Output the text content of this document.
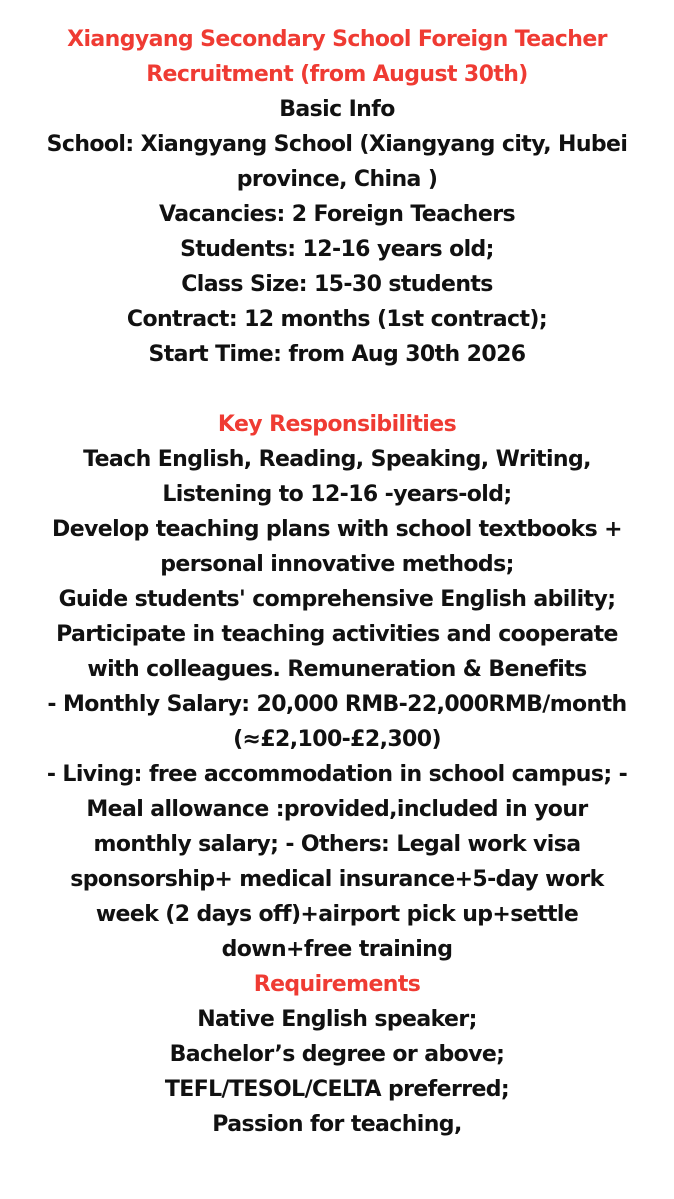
Xiangyang Secondary School Foreign Teacher
Recruitment (from August 30th)
Basic Info
School: Xiangyang School (Xiangyang city, Hubei
province, China )
Vacancies: 2 Foreign Teachers
Students: 12-16 years old;
Class Size: 15-30 students
Contract: 12 months (1st contract);
Start Time: from Aug 30th 2026
Key Responsibilities
Teach English, Reading, Speaking, Writing,
Listening to 12-16 -years-old;
Develop teaching plans with school textbooks +
personal innovative methods;
Guide students' comprehensive English ability;
Participate in teaching activities and cooperate
with colleagues. Remuneration & Benefits
- Monthly Salary: 20,000 RMB-22,000RMB/month
(≈£2,100-£2,300)
- Living: free accommodation in school campus; -
Meal allowance :provided,included in your
monthly salary; - Others: Legal work visa
sponsorship+ medical insurance+5-day work
week (2 days off)+airport pick up+settle
down+free training
Requirements
Native English speaker;
Bachelor’s degree or above;
TEFL/TESOL/CELTA preferred;
Passion for teaching,
